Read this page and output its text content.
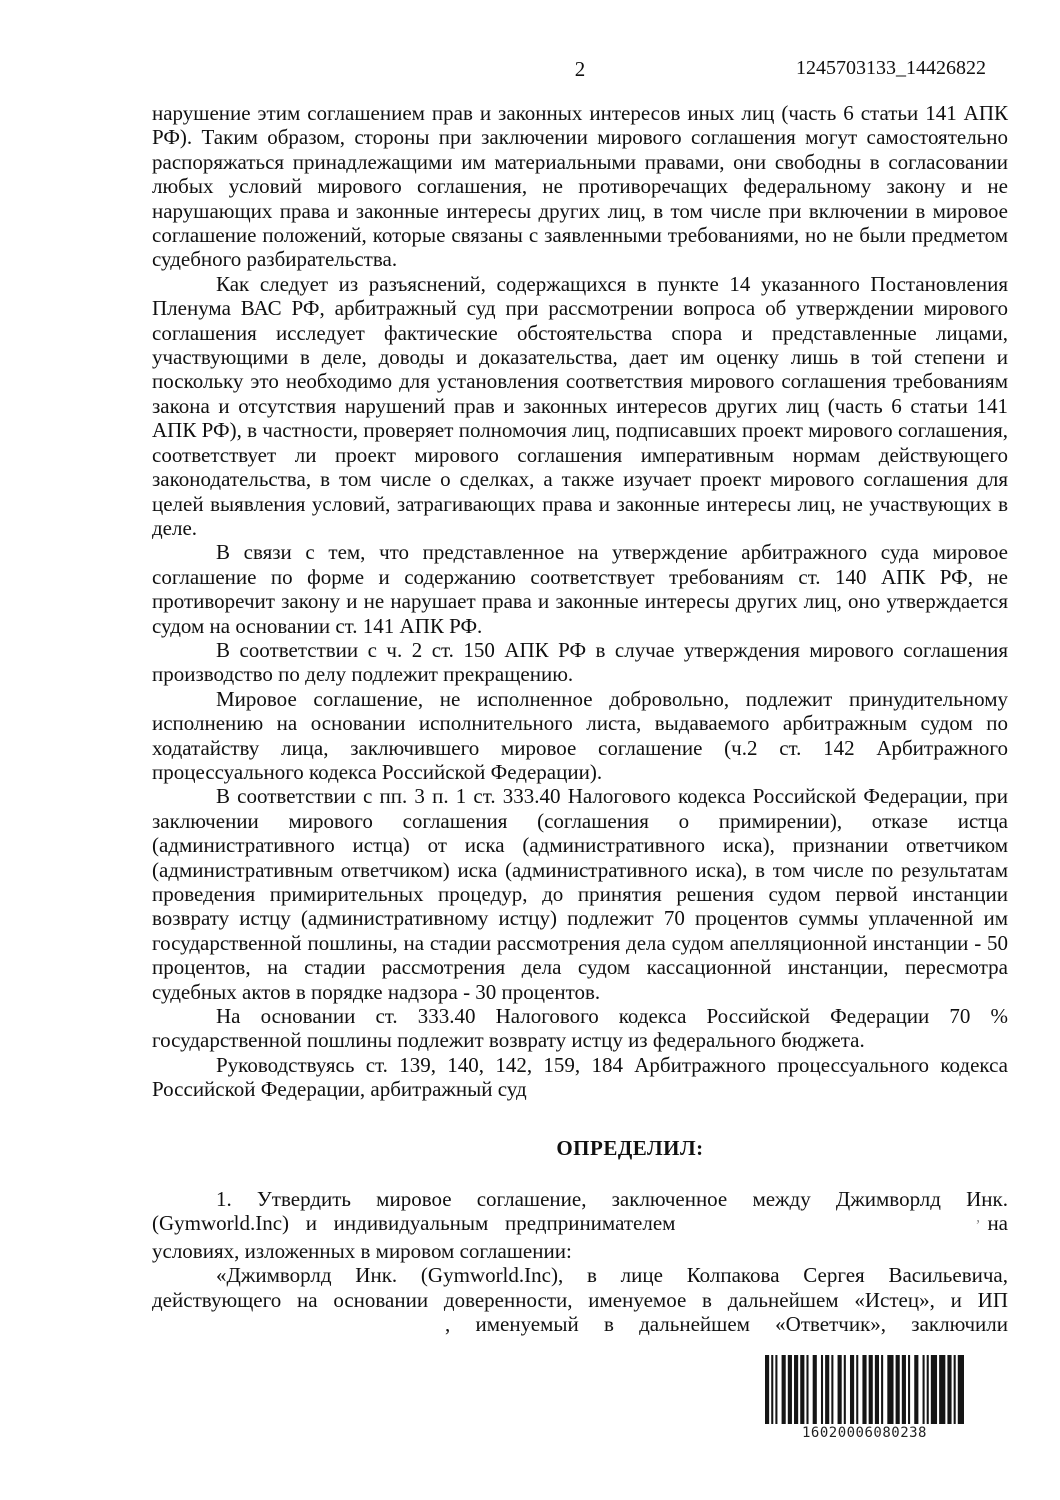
2	1245703133_14426822

нарушение этим соглашением прав и законных интересов иных лиц (часть 6 статьи 141 АПК РФ). Таким образом, стороны при заключении мирового соглашения могут самостоятельно распоряжаться принадлежащими им материальными правами, они свободны в согласовании любых условий мирового соглашения, не противоречащих федеральному закону и не нарушающих права и законные интересы других лиц, в том числе при включении в мировое соглашение положений, которые связаны с заявленными требованиями, но не были предметом судебного разбирательства.

Как следует из разъяснений, содержащихся в пункте 14 указанного Постановления Пленума ВАС РФ, арбитражный суд при рассмотрении вопроса об утверждении мирового соглашения исследует фактические обстоятельства спора и представленные лицами, участвующими в деле, доводы и доказательства, дает им оценку лишь в той степени и поскольку это необходимо для установления соответствия мирового соглашения требованиям закона и отсутствия нарушений прав и законных интересов других лиц (часть 6 статьи 141 АПК РФ), в частности, проверяет полномочия лиц, подписавших проект мирового соглашения, соответствует ли проект мирового соглашения императивным нормам действующего законодательства, в том числе о сделках, а также изучает проект мирового соглашения для целей выявления условий, затрагивающих права и законные интересы лиц, не участвующих в деле.

В связи с тем, что представленное на утверждение арбитражного суда мировое соглашение по форме и содержанию соответствует требованиям ст. 140 АПК РФ, не противоречит закону и не нарушает права и законные интересы других лиц, оно утверждается судом на основании ст. 141 АПК РФ.

В соответствии с ч. 2 ст. 150 АПК РФ в случае утверждения мирового соглашения производство по делу подлежит прекращению.

Мировое соглашение, не исполненное добровольно, подлежит принудительному исполнению на основании исполнительного листа, выдаваемого арбитражным судом по ходатайству лица, заключившего мировое соглашение (ч.2 ст. 142 Арбитражного процессуального кодекса Российской Федерации).

В соответствии с пп. 3 п. 1 ст. 333.40 Налогового кодекса Российской Федерации, при заключении мирового соглашения (соглашения о примирении), отказе истца (административного истца) от иска (административного иска), признании ответчиком (административным ответчиком) иска (административного иска), в том числе по результатам проведения примирительных процедур, до принятия решения судом первой инстанции возврату истцу (административному истцу) подлежит 70 процентов суммы уплаченной им государственной пошлины, на стадии рассмотрения дела судом апелляционной инстанции - 50 процентов, на стадии рассмотрения дела судом кассационной инстанции, пересмотра судебных актов в порядке надзора - 30 процентов.

На основании ст. 333.40 Налогового кодекса Российской Федерации 70 % государственной пошлины подлежит возврату истцу из федерального бюджета.

Руководствуясь ст. 139, 140, 142, 159, 184 Арбитражного процессуального кодекса Российской Федерации, арбитражный суд

ОПРЕДЕЛИЛ:

1. Утвердить мировое соглашение, заключенное между Джимворлд Инк.

(Gymworld.Inc) и индивидуальным предпринимателем	ʼ на

условиях, изложенных в мировом соглашении:

«Джимворлд Инк. (Gymworld.Inc), в лице Колпакова Сергея Васильевича,

действующего на основании доверенности, именуемое в дальнейшем «Истец», и ИП

, именуемый в дальнейшем «Ответчик», заключили

16020006080238
